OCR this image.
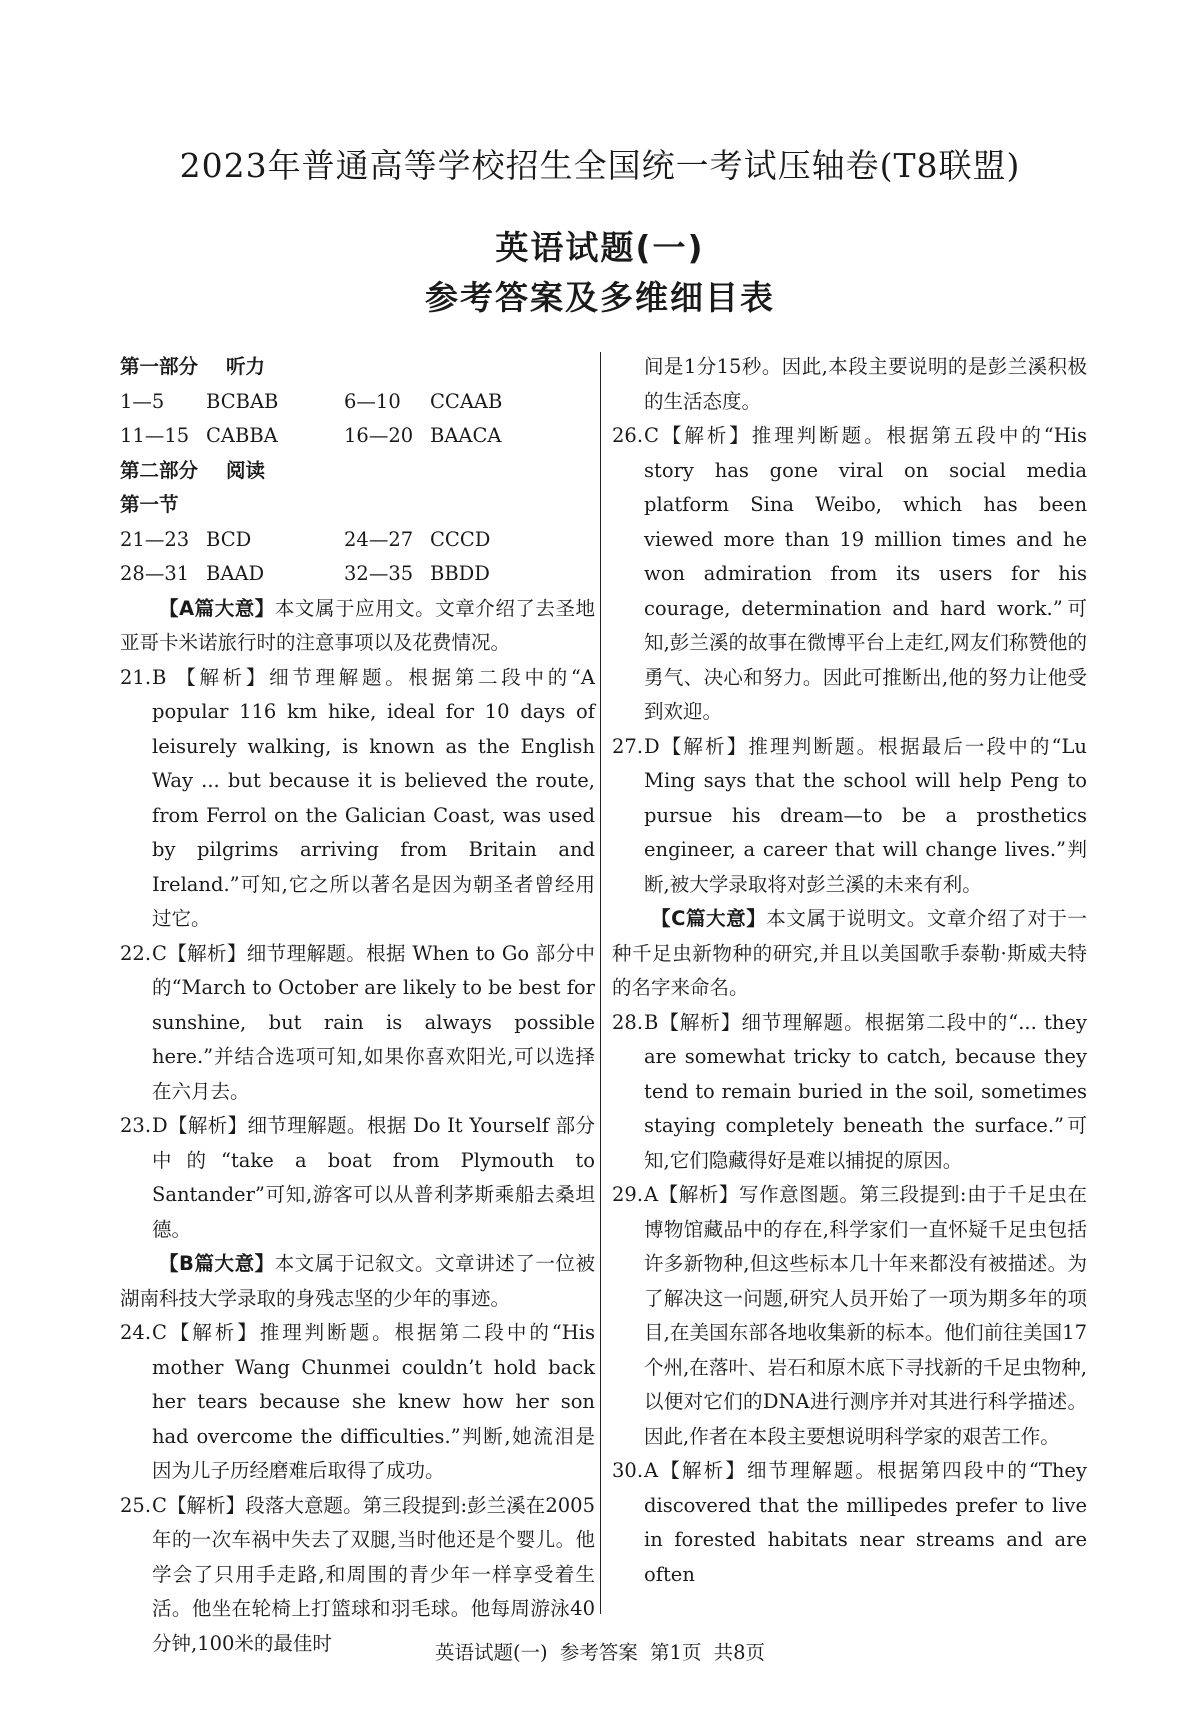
2023年普通高等学校招生全国统一考试压轴卷(T8联盟)
英语试题(一)
参考答案及多维细目表
第一部分 听力
1—5 BCBAB	6—10 CCAAB
11—15 CABBA	16—20 BAACA
第二部分 阅读
第一节
21—23 BCD	24—27 CCCD
28—31 BAAD	32—35 BBDD
【A篇大意】本文属于应用文。文章介绍了去圣地亚哥卡米诺旅行时的注意事项以及花费情况。
21. B 【解析】细节理解题。根据第二段中的“A popular 116 km hike, ideal for 10 days of leisurely walking, is known as the English Way ... but because it is believed the route, from Ferrol on the Galician Coast, was used by pilgrims arriving from Britain and Ireland.”可知,它之所以著名是因为朝圣者曾经用过它。
22. C【解析】细节理解题。根据 When to Go 部分中的“March to October are likely to be best for sunshine, but rain is always possible here.”并结合选项可知,如果你喜欢阳光,可以选择在六月去。
23. D【解析】细节理解题。根据 Do It Yourself 部分中的“take a boat from Plymouth to Santander”可知,游客可以从普利茅斯乘船去桑坦德。
【B篇大意】本文属于记叙文。文章讲述了一位被湖南科技大学录取的身残志坚的少年的事迹。
24. C【解析】推理判断题。根据第二段中的“His mother Wang Chunmei couldn’t hold back her tears because she knew how her son had overcome the difficulties.”判断,她流泪是因为儿子历经磨难后取得了成功。
25. C【解析】段落大意题。第三段提到:彭兰溪在2005年的一次车祸中失去了双腿,当时他还是个婴儿。他学会了只用手走路,和周围的青少年一样享受着生活。他坐在轮椅上打篮球和羽毛球。他每周游泳40分钟,100米的最佳时
间是1分15秒。因此,本段主要说明的是彭兰溪积极的生活态度。
26. C【解析】推理判断题。根据第五段中的“His story has gone viral on social media platform Sina Weibo, which has been viewed more than 19 million times and he won admiration from its users for his courage, determination and hard work.”可知,彭兰溪的故事在微博平台上走红,网友们称赞他的勇气、决心和努力。因此可推断出,他的努力让他受到欢迎。
27. D【解析】推理判断题。根据最后一段中的“Lu Ming says that the school will help Peng to pursue his dream—to be a prosthetics engineer, a career that will change lives.”判断,被大学录取将对彭兰溪的未来有利。
【C篇大意】本文属于说明文。文章介绍了对于一种千足虫新物种的研究,并且以美国歌手泰勒·斯威夫特的名字来命名。
28. B【解析】细节理解题。根据第二段中的“... they are somewhat tricky to catch, because they tend to remain buried in the soil, sometimes staying completely beneath the surface.”可知,它们隐藏得好是难以捕捉的原因。
29. A【解析】写作意图题。第三段提到:由于千足虫在博物馆藏品中的存在,科学家们一直怀疑千足虫包括许多新物种,但这些标本几十年来都没有被描述。为了解决这一问题,研究人员开始了一项为期多年的项目,在美国东部各地收集新的标本。他们前往美国17个州,在落叶、岩石和原木底下寻找新的千足虫物种,以便对它们的DNA进行测序并对其进行科学描述。因此,作者在本段主要想说明科学家的艰苦工作。
30. A【解析】细节理解题。根据第四段中的“They discovered that the millipedes prefer to live in forested habitats near streams and are often
英语试题(一) 参考答案 第1页 共8页
